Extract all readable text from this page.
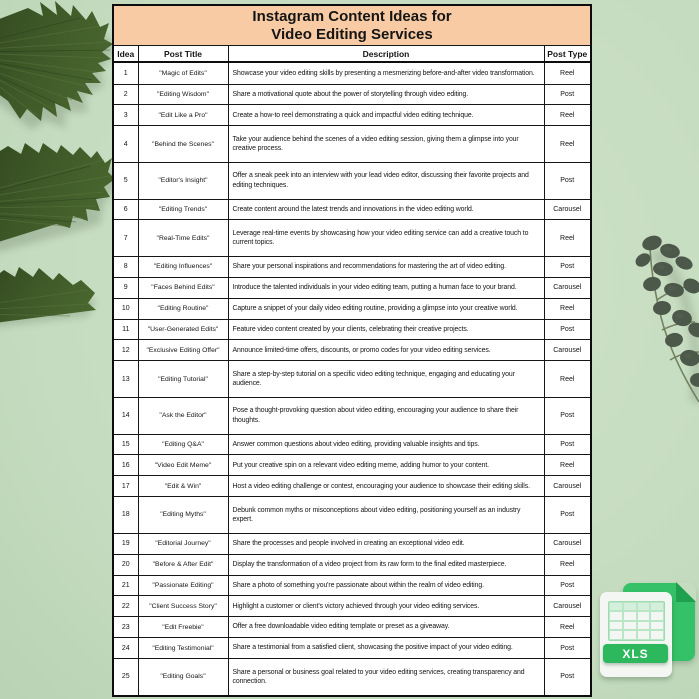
Instagram Content Ideas for
Video Editing Services			

Idea	Post Title	Description	Post Type
1	"Magic of Edits"	Showcase your video editing skills by presenting a mesmerizing before-and-after video transformation.	Reel
2	"Editing Wisdom"	Share a motivational quote about the power of storytelling through video editing.	Post
3	"Edit Like a Pro"	Create a how-to reel demonstrating a quick and impactful video editing technique.	Reel
4	"Behind the Scenes"	Take your audience behind the scenes of a video editing session, giving them a glimpse into your creative process.	Reel
5	"Editor's Insight"	Offer a sneak peek into an interview with your lead video editor, discussing their favorite projects and editing techniques.	Post
6	"Editing Trends"	Create content around the latest trends and innovations in the video editing world.	Carousel
7	"Real-Time Edits"	Leverage real-time events by showcasing how your video editing service can add a creative touch to current topics.	Reel
8	"Editing Influences"	Share your personal inspirations and recommendations for mastering the art of video editing.	Post
9	"Faces Behind Edits"	Introduce the talented individuals in your video editing team, putting a human face to your brand.	Carousel
10	"Editing Routine"	Capture a snippet of your daily video editing routine, providing a glimpse into your creative world.	Reel
11	"User-Generated Edits"	Feature video content created by your clients, celebrating their creative projects.	Post
12	"Exclusive Editing Offer"	Announce limited-time offers, discounts, or promo codes for your video editing services.	Carousel
13	"Editing Tutorial"	Share a step-by-step tutorial on a specific video editing technique, engaging and educating your audience.	Reel
14	"Ask the Editor"	Pose a thought-provoking question about video editing, encouraging your audience to share their thoughts.	Post
15	"Editing Q&A"	Answer common questions about video editing, providing valuable insights and tips.	Post
16	"Video Edit Meme"	Put your creative spin on a relevant video editing meme, adding humor to your content.	Reel
17	"Edit & Win"	Host a video editing challenge or contest, encouraging your audience to showcase their editing skills.	Carousel
18	"Editing Myths"	Debunk common myths or misconceptions about video editing, positioning yourself as an industry expert.	Post
19	"Editorial Journey"	Share the processes and people involved in creating an exceptional video edit.	Carousel
20	"Before & After Edit"	Display the transformation of a video project from its raw form to the final edited masterpiece.	Reel
21	"Passionate Editing"	Share a photo of something you're passionate about within the realm of video editing.	Post
22	"Client Success Story"	Highlight a customer or client's victory achieved through your video editing services.	Carousel
23	"Edit Freebie"	Offer a free downloadable video editing template or preset as a giveaway.	Reel
24	"Editing Testimonial"	Share a testimonial from a satisfied client, showcasing the positive impact of your video editing.	Post
25	"Editing Goals"	Share a personal or business goal related to your video editing services, creating transparency and connection.	Post
XLS
